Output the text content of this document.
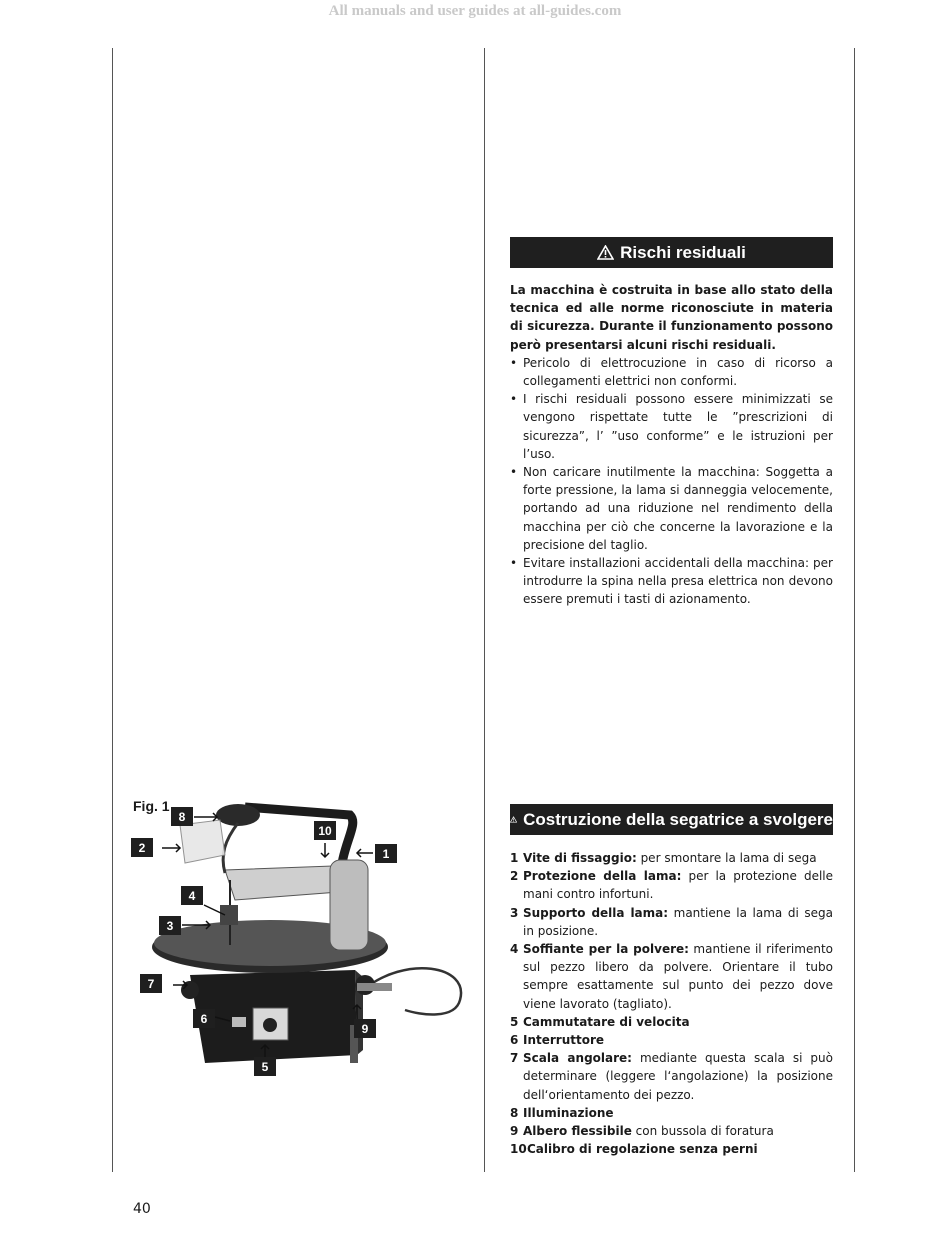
All manuals and user guides at all-guides.com
Rischi residuali

La macchina è costruita in base allo stato della tecnica ed alle norme riconosciute in materia di sicurezza. Durante il funzionamento possono però presentarsi alcuni rischi residuali.

• Pericolo di elettrocuzione in caso di ricorso a collegamenti elettrici non conformi.
• I rischi residuali possono essere minimizzati se vengono rispettate tutte le ”prescrizioni di sicurezza”, l’ ”uso conforme” e le istruzioni per l’uso.
• Non caricare inutilmente la macchina: Soggetta a forte pressione, la lama si danneggia velocemente, portando ad una riduzione nel rendimento della macchina per ciò che concerne la lavorazione e la precisione del taglio.
• Evitare installazioni accidentali della macchina: per introdurre la spina nella presa elettrica non devono essere premuti i tasti di azionamento.
Costruzione della segatrice a svolgere
1 Vite di fissaggio: per smontare la lama di sega
2 Protezione della lama: per la protezione delle mani contro infortuni.
3 Supporto della lama: mantiene la lama di sega in posizione.
4 Soffiante per la polvere: mantiene il riferimento sul pezzo libero da polvere. Orientare il tubo sempre esattamente sul punto dei pezzo dove viene lavorato (tagliato).
5 Cammutatare di velocita
6 Interruttore
7 Scala angolare: mediante questa scala si può determinare (leggere l‘angolazione) la posizione dell‘orientamento dei pezzo.
8 Illuminazione
9 Albero flessibile con bussola di foratura
10 Calibro di regolazione senza perni
Fig. 1
8
2
10
1
4
3
7
6
9
5
40
